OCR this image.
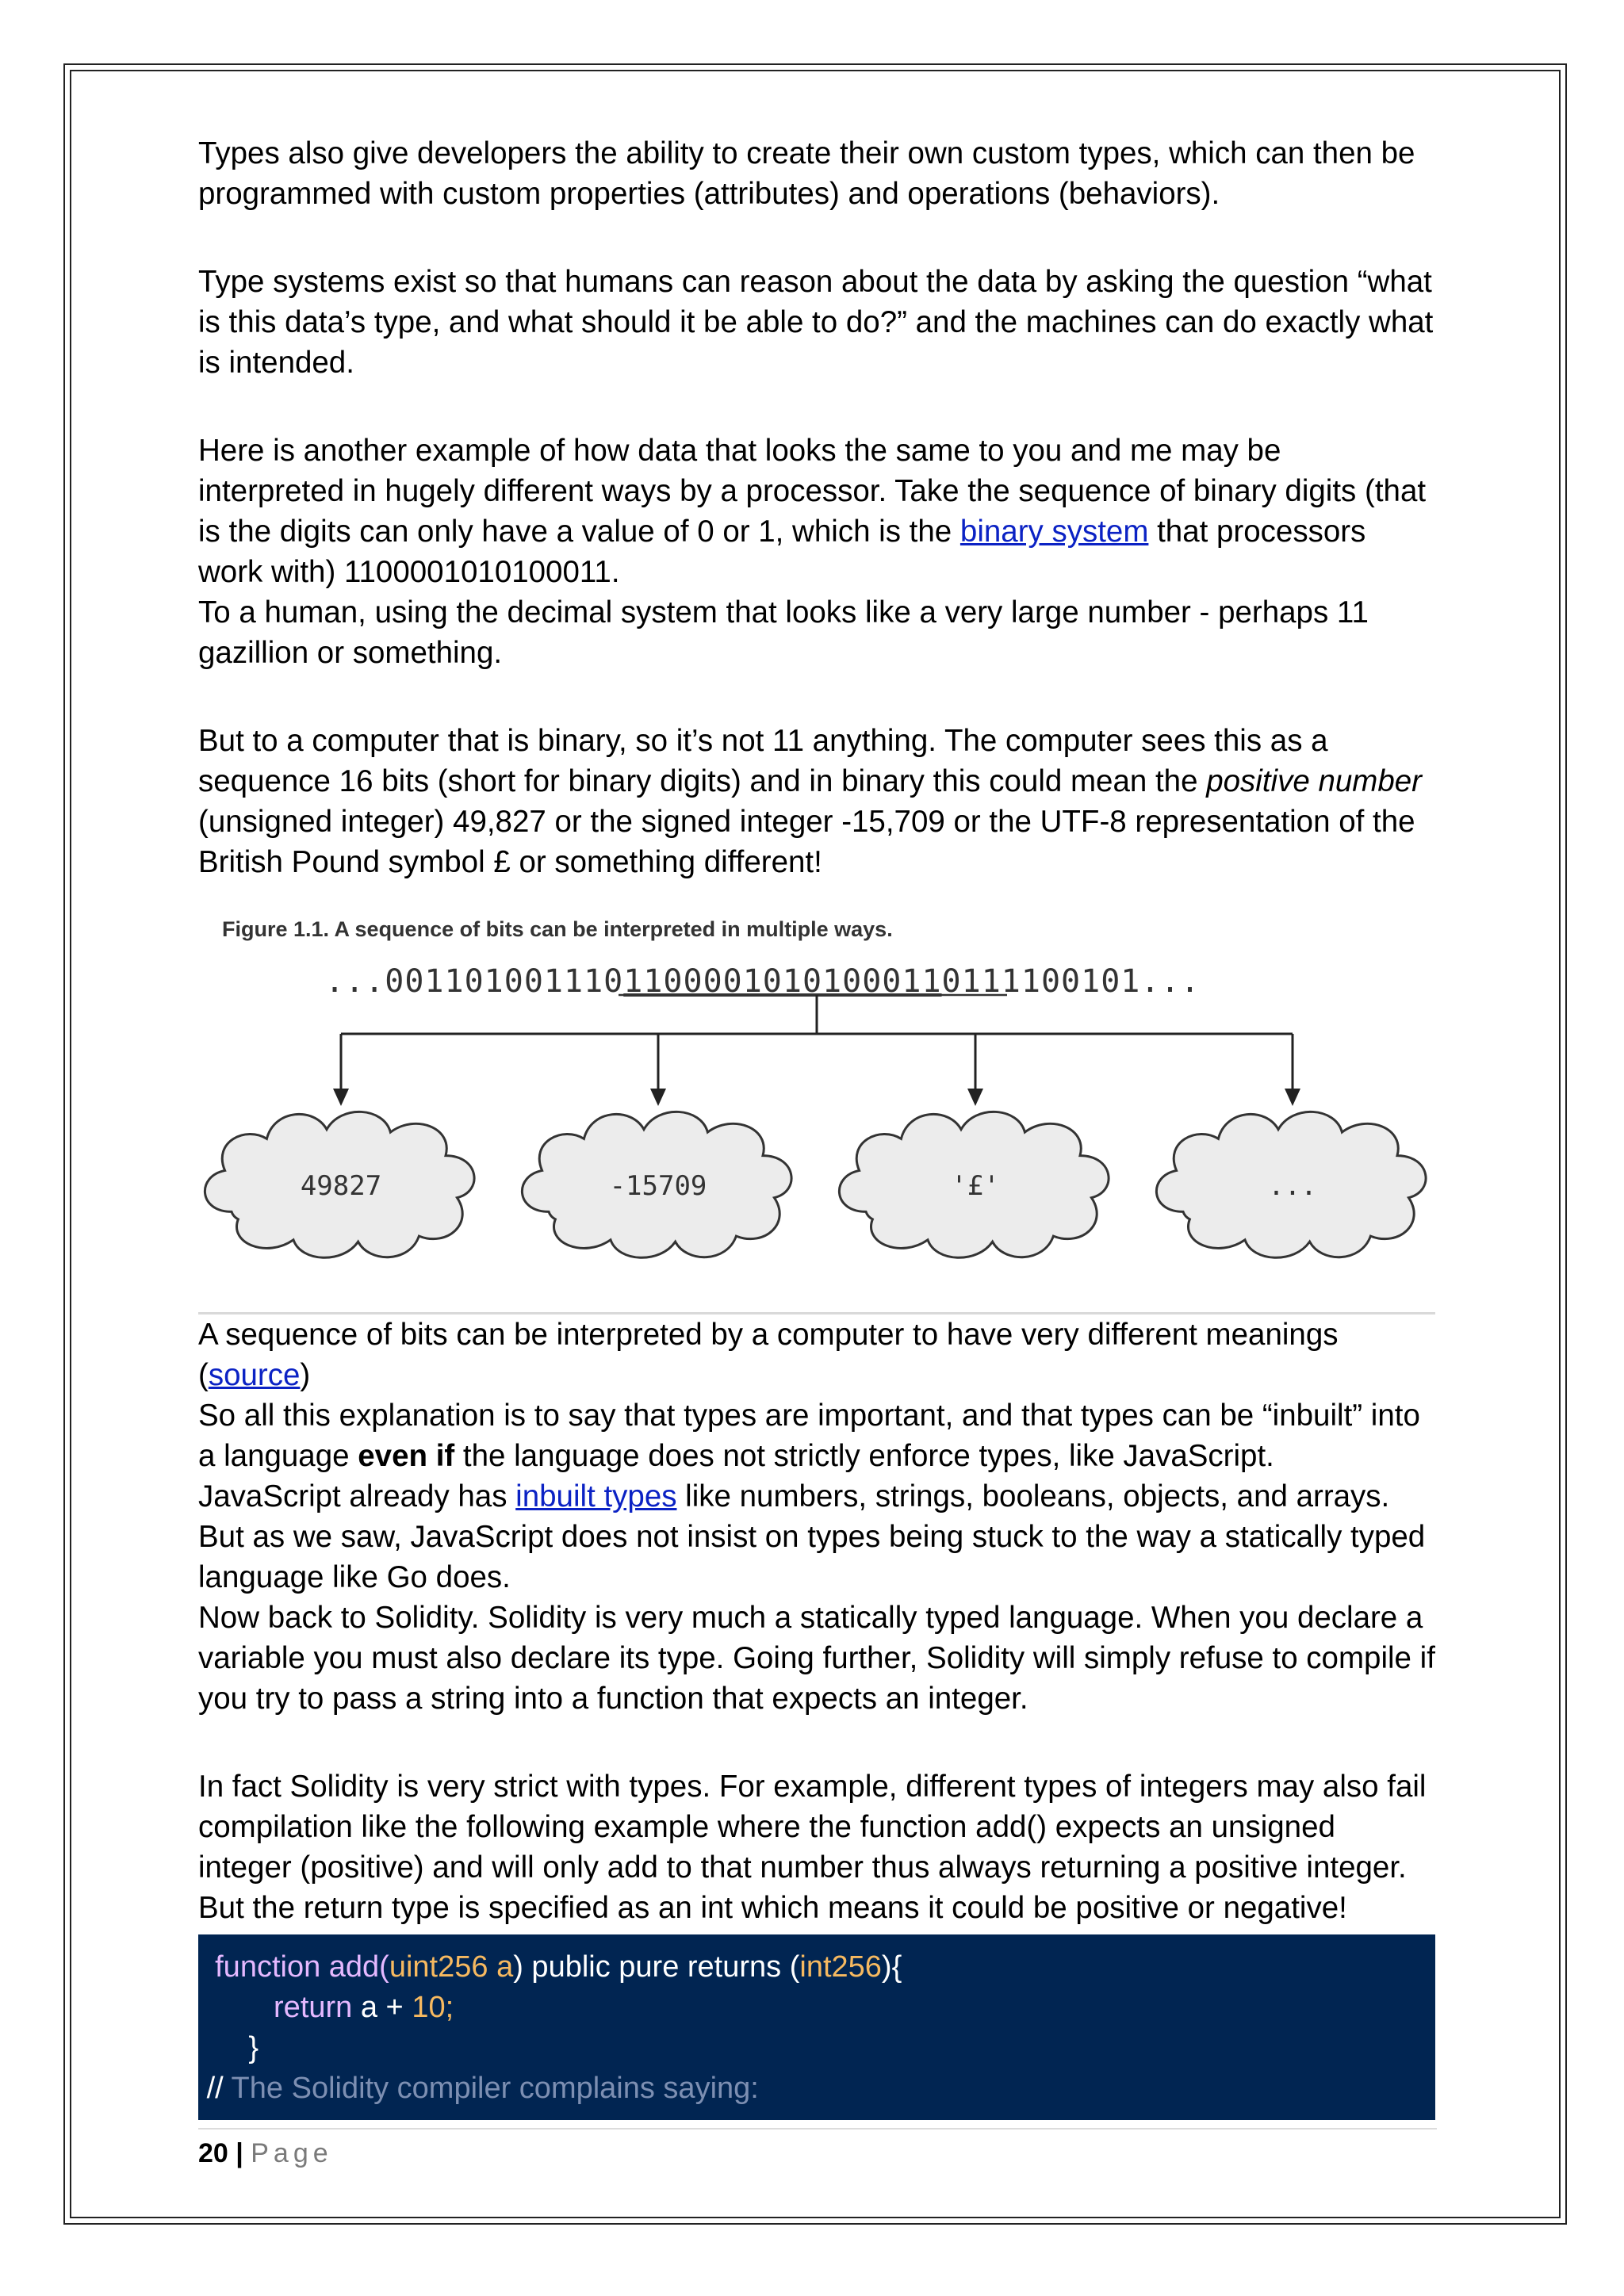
Types also give developers the ability to create their own custom types, which can then be programmed with custom properties (attributes) and operations (behaviors).

Type systems exist so that humans can reason about the data by asking the question “what is this data’s type, and what should it be able to do?” and the machines can do exactly what is intended.

Here is another example of how data that looks the same to you and me may be interpreted in hugely different ways by a processor. Take the sequence of binary digits (that is the digits can only have a value of 0 or 1, which is the binary system that processors work with) 1100001010100011.

To a human, using the decimal system that looks like a very large number - perhaps 11 gazillion or something.

But to a computer that is binary, so it’s not 11 anything. The computer sees this as a sequence 16 bits (short for binary digits) and in binary this could mean the positive number (unsigned integer) 49,827 or the signed integer -15,709 or the UTF-8 representation of the British Pound symbol £ or something different!

Figure 1.1. A sequence of bits can be interpreted in multiple ways.
...00110100111011000010101000110111100101...
49827	-15709	'£'	...

A sequence of bits can be interpreted by a computer to have very different meanings (source)

So all this explanation is to say that types are important, and that types can be “inbuilt” into a language even if the language does not strictly enforce types, like JavaScript.

JavaScript already has inbuilt types like numbers, strings, booleans, objects, and arrays. But as we saw, JavaScript does not insist on types being stuck to the way a statically typed language like Go does.

Now back to Solidity. Solidity is very much a statically typed language. When you declare a variable you must also declare its type. Going further, Solidity will simply refuse to compile if you try to pass a string into a function that expects an integer.

In fact Solidity is very strict with types. For example, different types of integers may also fail compilation like the following example where the function add() expects an unsigned integer (positive) and will only add to that number thus always returning a positive integer. But the return type is specified as an int which means it could be positive or negative!

function add(uint256 a) public pure returns (int256){
return a + 10;
}
// The Solidity compiler complains saying:
20 | Page
